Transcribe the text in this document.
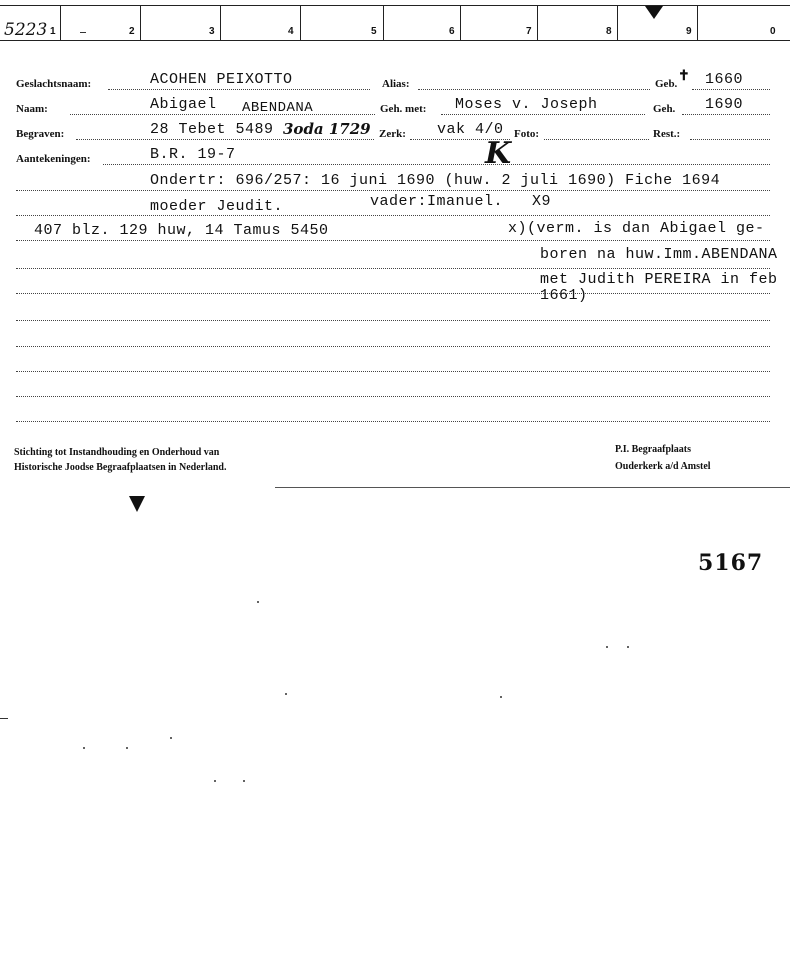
5223 1	2	3	4	5	6	7	8	9	0
Geslachtsnaam:	ACOHEN PEIXOTTO	Alias:	Geb. ✝ 1660
Naam:	Abigael ABENDANA	Geh. met: Moses v. Joseph	Geh. 1690
Begraven:	28 Tebet 5489 3oda 1729 Zerk: vak 4/0 Foto:	Rest.:
Aantekeningen:	B.R. 19-7	K
Ondertr: 696/257: 16 juni 1690 (huw. 2 juli 1690) Fiche 1694
moeder Jeudit.	vader:Imanuel. X9
407 blz. 129 huw, 14 Tamus 5450	x)(verm. is dan Abigael ge-
boren na huw.Imm.ABENDANA
met Judith PEREIRA in feb
1661)
Stichting tot Instandhouding en Onderhoud van
Historische Joodse Begraafplaatsen in Nederland.
P.I. Begraafplaats
Ouderkerk a/d Amstel
5167
